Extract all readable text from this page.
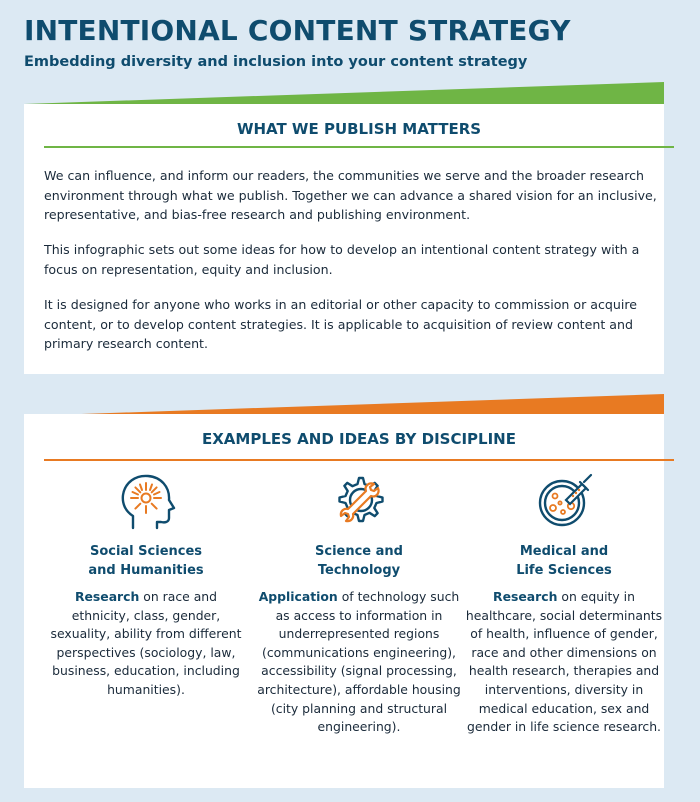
INTENTIONAL CONTENT STRATEGY

Embedding diversity and inclusion into your content strategy

WHAT WE PUBLISH MATTERS

We can influence, and inform our readers, the communities we serve and the broader research environment through what we publish. Together we can advance a shared vision for an inclusive, representative, and bias-free research and publishing environment.

This infographic sets out some ideas for how to develop an intentional content strategy with a focus on representation, equity and inclusion.

It is designed for anyone who works in an editorial or other capacity to commission or acquire content, or to develop content strategies. It is applicable to acquisition of review content and primary research content.

EXAMPLES AND IDEAS BY DISCIPLINE

Social Sciences
and Humanities

Research on race and ethnicity, class, gender, sexuality, ability from different perspectives (sociology, law, business, education, including humanities).

Science and
Technology

Application of technology such as access to information in underrepresented regions (communications engineering), accessibility (signal processing, architecture), affordable housing (city planning and structural engineering).

Medical and
Life Sciences

Research on equity in healthcare, social determinants of health, influence of gender, race and other dimensions on health research, therapies and interventions, diversity in medical education, sex and gender in life science research.
